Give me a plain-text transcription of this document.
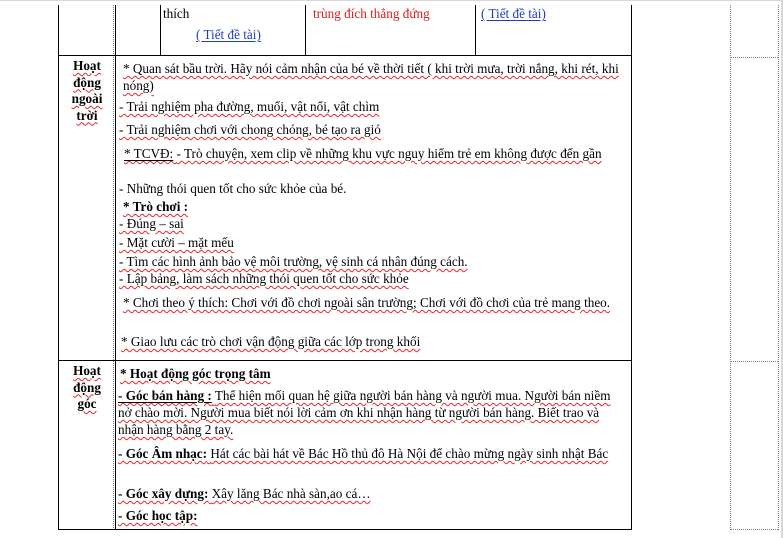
thích
( Tiết đề tài)
trùng đích thẳng đứng	( Tiết đề tài)
Hoạt
động
ngoài
trời
* Quan sát bầu trời. Hãy nói cảm nhận của bé về thời tiết ( khi trời mưa, trời nắng, khi rét, khi nóng)
- Trải nghiệm pha đường, muối, vật nổi, vật chìm
- Trải nghiệm chơi với chong chóng, bé tạo ra gió
* TCVĐ: - Trò chuyện, xem clip về những khu vực nguy hiểm trẻ em không được đến gần
- Những thói quen tốt cho sức khỏe của bé.
* Trò chơi :
- Đúng – sai
- Mặt cười – mặt mếu
- Tìm các hình ảnh bảo vệ môi trường, vệ sinh cá nhân đúng cách.
- Lập bảng, làm sách những thói quen tốt cho sức khỏe
* Chơi theo ý thích: Chơi với đồ chơi ngoài sân trường; Chơi với đồ chơi của trẻ mang theo.
* Giao lưu các trò chơi vận động giữa các lớp trong khối
Hoạt
động
góc
* Hoạt động góc trọng tâm
- Góc bán hàng : Thể hiện mối quan hệ giữa người bán hàng và người mua. Người bán niềm nở chào mời. Người mua biết nói lời cảm ơn khi nhận hàng từ người bán hàng. Biết trao và nhận hàng bằng 2 tay.
- Góc Âm nhạc: Hát các bài hát về Bác Hồ thủ đô Hà Nội để chào mừng ngày sinh nhật Bác
- Góc xây dựng: Xây lăng Bác nhà sàn,ao cá…
- Góc học tập:
